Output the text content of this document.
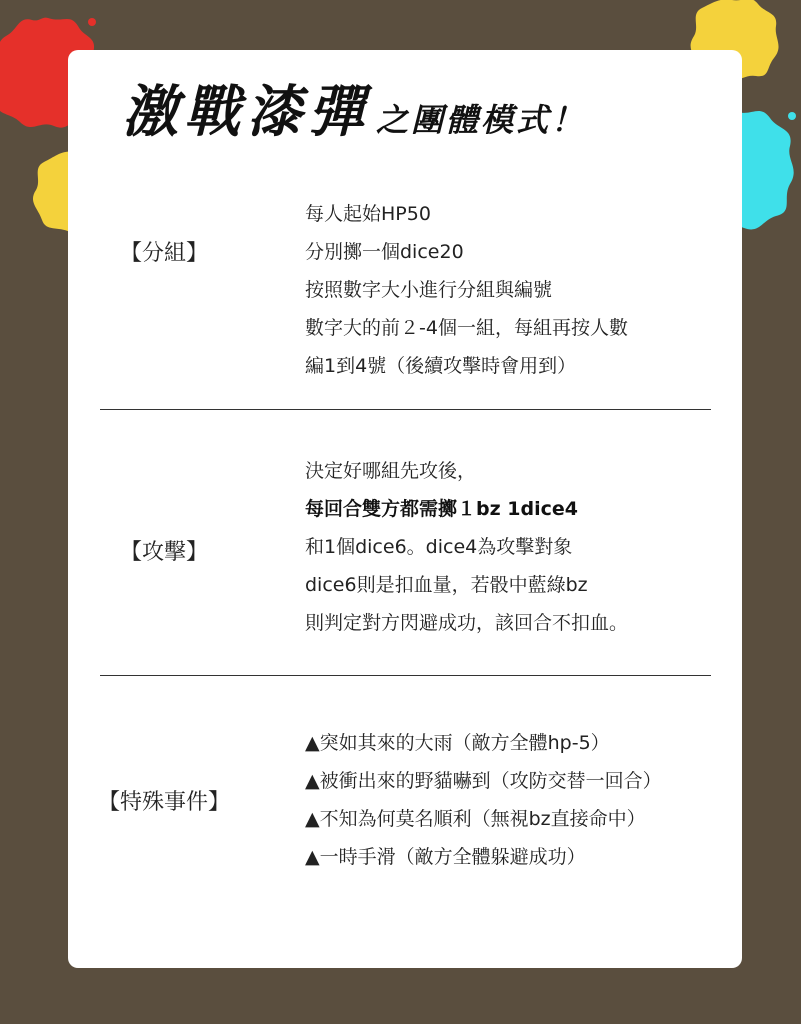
激戰漆彈 之團體模式！
【分組】
每人起始HP50
分別擲一個dice20
按照數字大小進行分組與編號
數字大的前２-4個一組，每組再按人數
編1到4號（後續攻擊時會用到）
【攻擊】
決定好哪組先攻後，
每回合雙方都需擲１bz 1dice4
和1個dice6。dice4為攻擊對象
dice6則是扣血量，若骰中藍綠bz
則判定對方閃避成功，該回合不扣血。
【特殊事件】
▲突如其來的大雨（敵方全體hp-5）
▲被衝出來的野貓嚇到（攻防交替一回合）
▲不知為何莫名順利（無視bz直接命中）
▲一時手滑（敵方全體躲避成功）
